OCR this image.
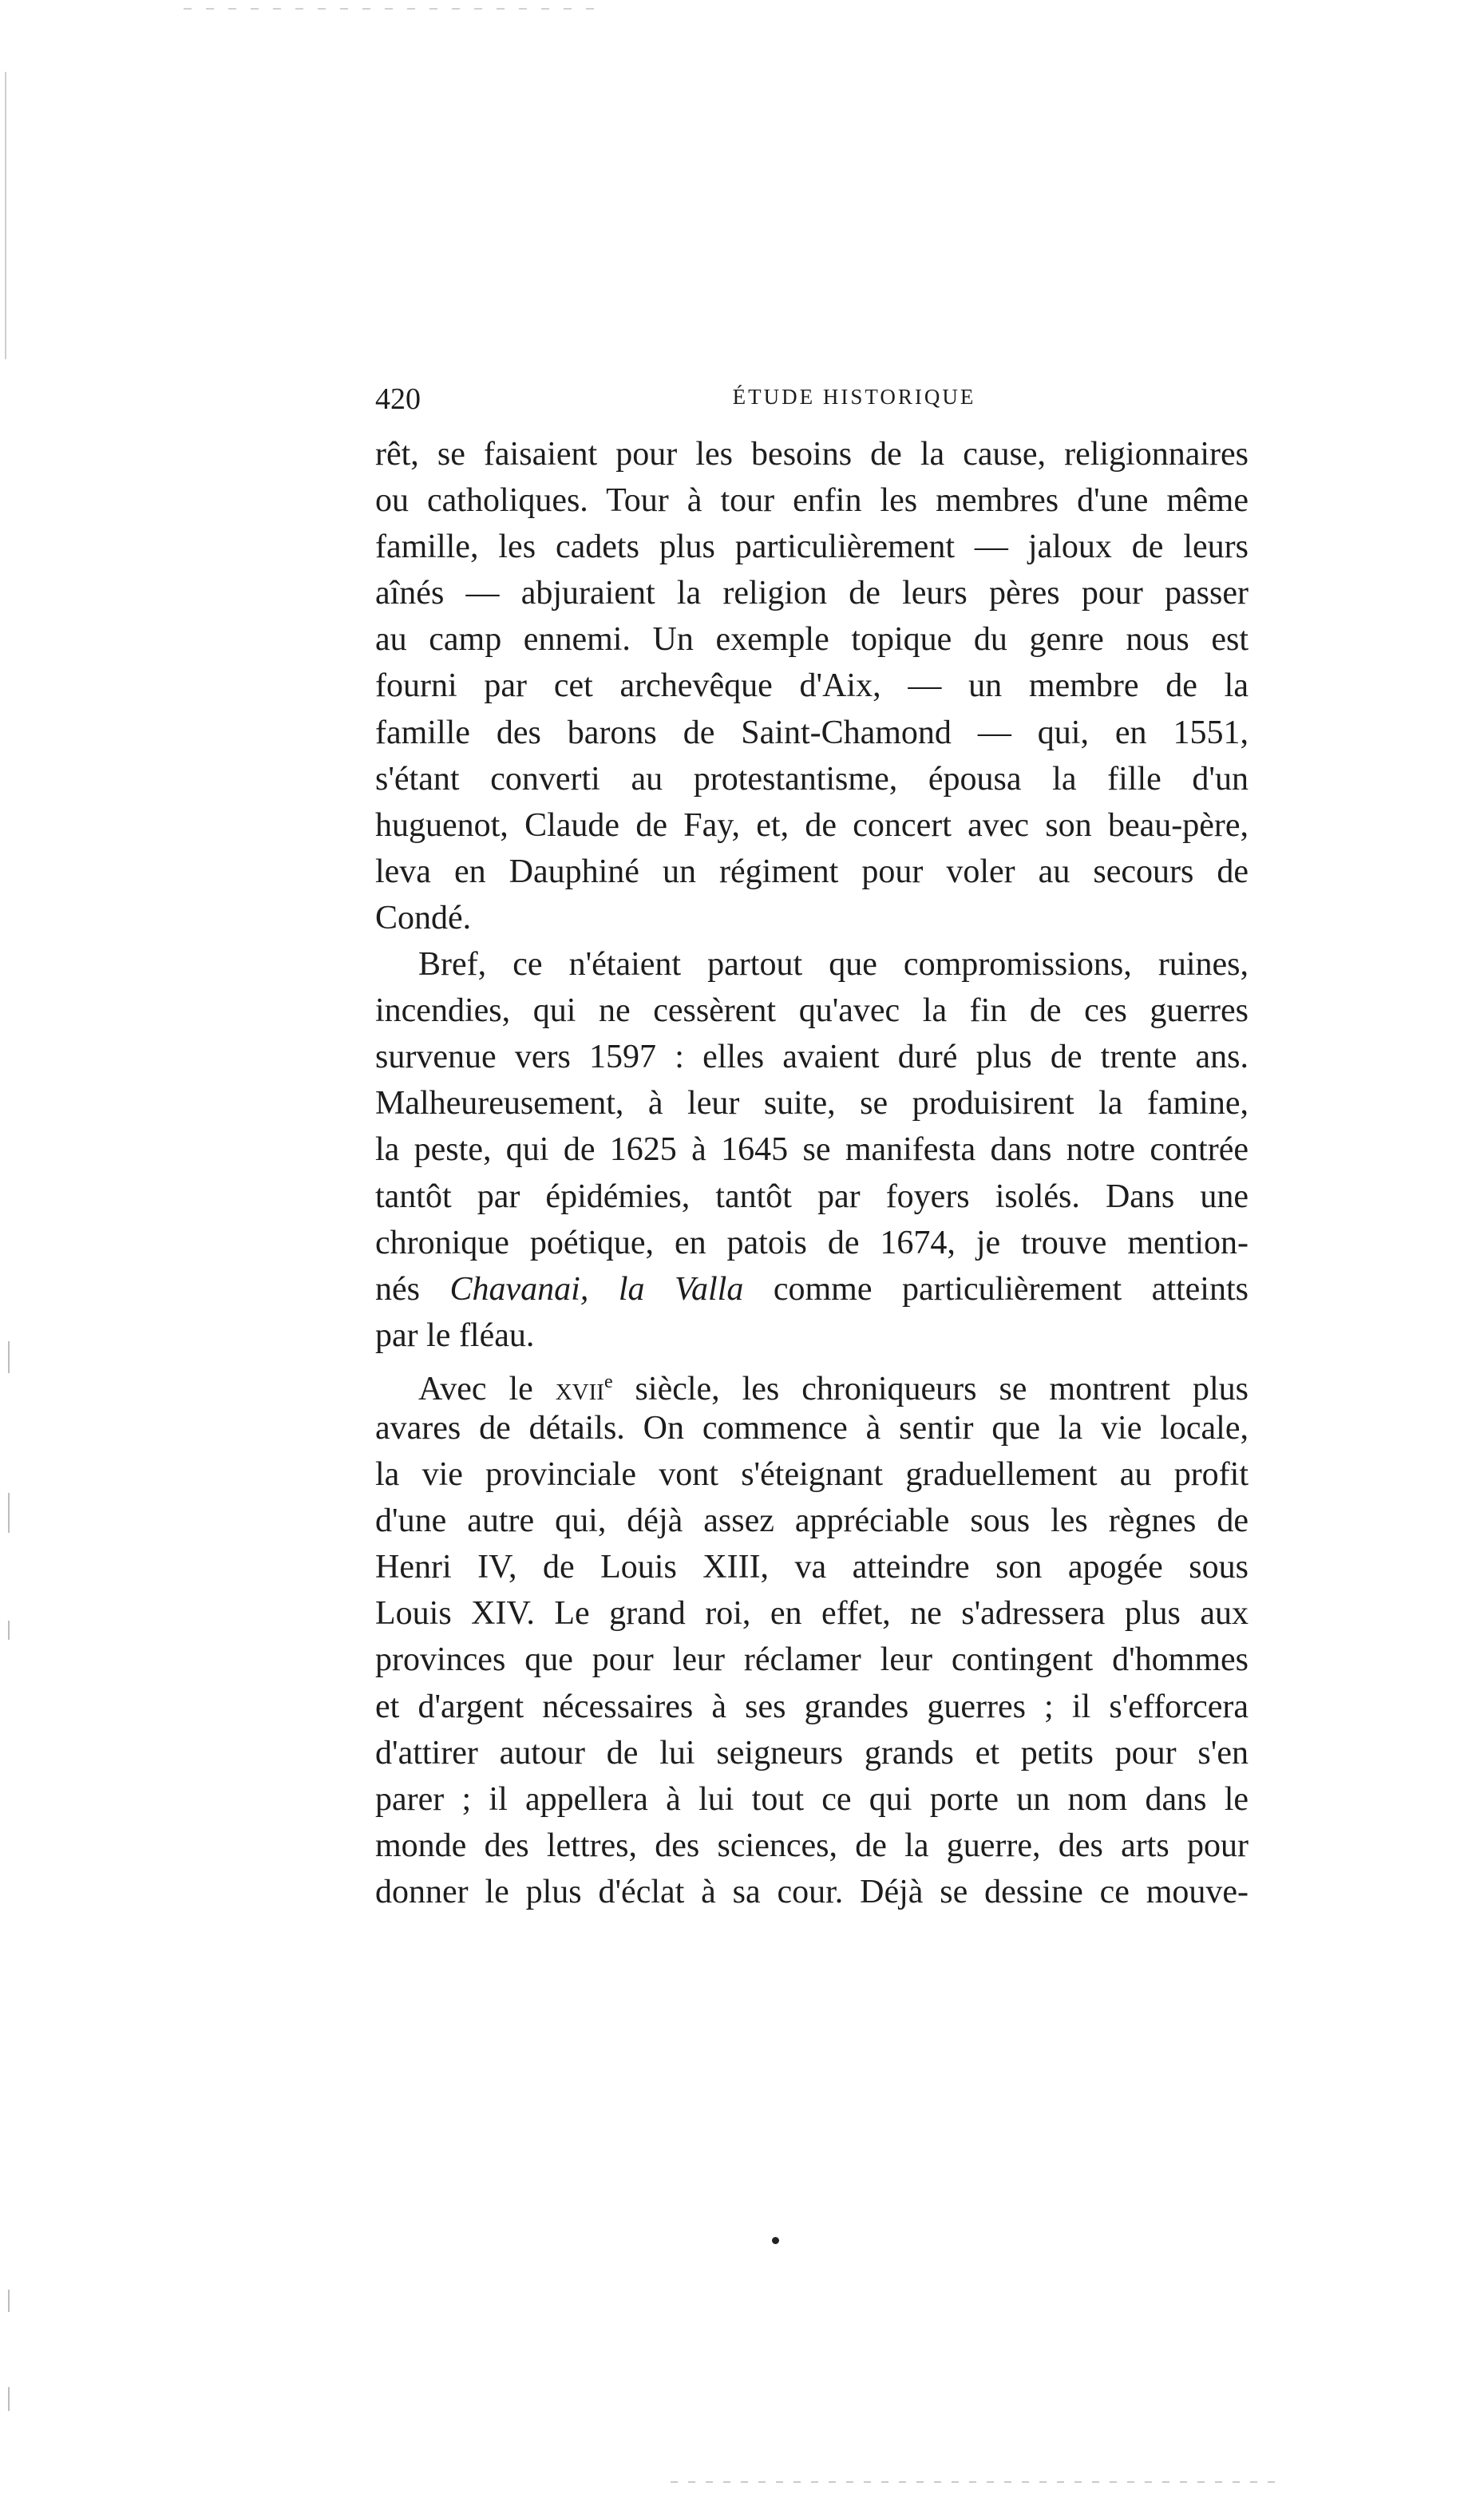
420	ÉTUDE HISTORIQUE
rêt, se faisaient pour les besoins de la cause, religionnaires
ou catholiques. Tour à tour enfin les membres d'une même
famille, les cadets plus particulièrement — jaloux de leurs
aînés — abjuraient la religion de leurs pères pour passer
au camp ennemi. Un exemple topique du genre nous est
fourni par cet archevêque d'Aix, — un membre de la
famille des barons de Saint-Chamond — qui, en 1551,
s'étant converti au protestantisme, épousa la fille d'un
huguenot, Claude de Fay, et, de concert avec son beau-père,
leva en Dauphiné un régiment pour voler au secours de
Condé.
Bref, ce n'étaient partout que compromissions, ruines,
incendies, qui ne cessèrent qu'avec la fin de ces guerres
survenue vers 1597 : elles avaient duré plus de trente ans.
Malheureusement, à leur suite, se produisirent la famine,
la peste, qui de 1625 à 1645 se manifesta dans notre contrée
tantôt par épidémies, tantôt par foyers isolés. Dans une
chronique poétique, en patois de 1674, je trouve mention-
nés Chavanai, la Valla comme particulièrement atteints
par le fléau.
Avec le xvii$^e$ siècle, les chroniqueurs se montrent plus
avares de détails. On commence à sentir que la vie locale,
la vie provinciale vont s'éteignant graduellement au profit
d'une autre qui, déjà assez appréciable sous les règnes de
Henri IV, de Louis XIII, va atteindre son apogée sous
Louis XIV. Le grand roi, en effet, ne s'adressera plus aux
provinces que pour leur réclamer leur contingent d'hommes
et d'argent nécessaires à ses grandes guerres ; il s'efforcera
d'attirer autour de lui seigneurs grands et petits pour s'en
parer ; il appellera à lui tout ce qui porte un nom dans le
monde des lettres, des sciences, de la guerre, des arts pour
donner le plus d'éclat à sa cour. Déjà se dessine ce mouve-
